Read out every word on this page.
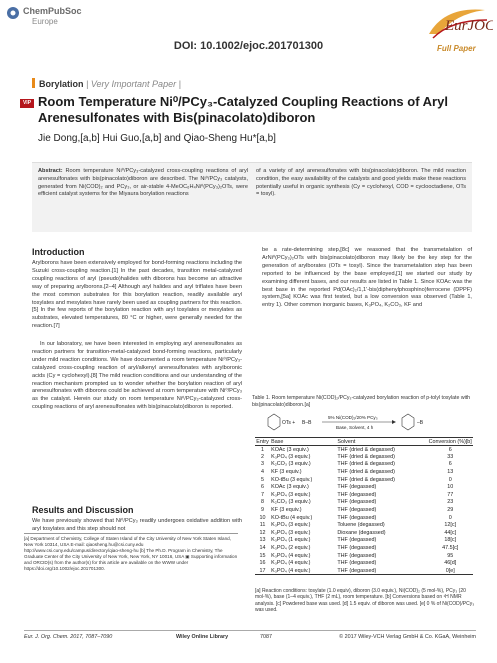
ChemPubSoc
Europe
DOI: 10.1002/ejoc.201701300
EurJOC
Full Paper
Borylation | Very Important Paper |
VIP Room Temperature Ni⁰/PCy₃-Catalyzed Coupling Reactions of Aryl Arenesulfonates with Bis(pinacolato)diboron
Jie Dong,[a,b] Hui Guo,[a,b] and Qiao-Sheng Hu*[a,b]
Abstract: Room temperature Ni⁰/PCy₃-catalyzed cross-coupling reactions of aryl arenesulfonates with bis(pinacolato)diboron are described. The Ni⁰/PCy₃ catalysts, generated from Ni(COD)₂ and PCy₃, or air-stable 4-MeOC₆H₄Ni⁰(PCy₃)₂OTs, were efficient catalyst systems for the Miyaura borylation reactions
of a variety of aryl arenesulfonates with bis(pinacolato)diboron. The mild reaction condition, the easy availability of the catalysts and good yields make these reactions potentially useful in organic synthesis (Cy = cyclohexyl, COD = cyclooctadiene, OTs = tosyl).
Introduction

Arylborons have been extensively employed for bond-forming reactions including the Suzuki cross-coupling reaction.[1] In the past decades, transition metal-catalyzed coupling reactions of aryl (pseudo)halides with diborons has become an attractive way of preparing arylborons.[2–4] Although aryl halides and aryl triflates have been the most common substrates for this borylation reaction, readily available aryl tosylates and mesylates have rarely been used as coupling partners for this reaction.[5] In the few reports of the borylation reaction with aryl tosylates or mesylates as substrates, elevated temperatures, 80 °C or higher, were generally needed for the reaction.[7]

In our laboratory, we have been interested in employing aryl arenesulfonates as reaction partners for transition-metal-catalyzed bond-forming reactions, particularly under mild reaction conditions. We have documented a room temperature Ni⁰/PCy₃-catalyzed cross-coupling reaction of aryl/alkenyl arenesulfonates with arylboronic acids (Cy = cyclohexyl).[8] The mild reaction conditions and our understanding of the reaction mechanism prompted us to wonder whether the borylation reaction of aryl arenesulfonates with diborons could be achieved at room temperature with Ni⁰/PCy₃ as the catalyst. Herein our study on room temperature Ni⁰/PCy₃-catalyzed cross-coupling reactions of aryl arenesulfonates with bis(pinacolato)diboron is reported.

Results and Discussion

We have previously showed that Ni⁰/PCy₃ readily undergoes oxidative addition with aryl tosylates and this step should not

be a rate-determining step,[8c] we reasoned that the transmetalation of ArNi⁰(PCy₃)₂OTs with bis(pinacolato)diboron may likely be the key step for the generation of arylborates (OTs = tosyl). Since the transmetalation step has been reported to be influenced by the base employed,[1] we started our study by examining different bases, and our results are listed in Table 1. Since KOAc was the best base in the reported Pd(OAc)₂/1,1'-bis(diphenylphosphino)ferrocene (DPPF) system,[5a] KOAc was first tested, but a low conversion was observed (Table 1, entry 1). Other common inorganic bases, K₃PO₄, K₂CO₃, KF and

Table 1. Room temperature Ni(COD)₂/PCy₃-catalyzed borylation reaction of p-tolyl tosylate with bis(pinacolato)diboron.[a]
OTs + B–B
5% Ni(COD)₂/20% PCy₃
Base, Solvent, 4 h
–B
Entry	Base	Solvent	Conversion (%)[b]
1	KOAc (3 equiv.)	THF (dried & degassed)	6
2	K₃PO₄ (3 equiv.)	THF (dried & degassed)	33
3	K₂CO₃ (3 equiv.)	THF (dried & degassed)	6
4	KF (3 equiv.)	THF (dried & degassed)	13
5	KO-tBu (3 equiv.)	THF (dried & degassed)	0
6	KOAc (3 equiv.)	THF (degassed)	10
7	K₃PO₄ (3 equiv.)	THF (degassed)	77
8	K₂CO₃ (3 equiv.)	THF (degassed)	23
9	KF (3 equiv.)	THF (degassed)	29
10	KO-tBu (4 equiv.)	THF (degassed)	0
11	K₃PO₄ (3 equiv.)	Toluene (degassed)	12[c]
12	K₃PO₄ (3 equiv.)	Dioxane (degassed)	44[c]
13	K₃PO₄ (1 equiv.)	THF (degassed)	18[c]
14	K₃PO₄ (2 equiv.)	THF (degassed)	47.5[c]
15	K₃PO₄ (4 equiv.)	THF (degassed)	95
16	K₃PO₄ (4 equiv.)	THF (degassed)	46[d]
17	K₃PO₄ (4 equiv.)	THF (degassed)	0[e]
[a] Reaction conditions: tosylate (1.0 equiv), diboron (3.0 equiv.), Ni(COD)₂ (5 mol-%), PCy₃ (20 mol-%), base (1–4 equiv.), THF (2 mL), room temperature. [b] Conversions based on ¹H NMR analysis. [c] Powdered base was used. [d] 1.5 equiv. of diboron was used. [e] 0 % of Ni(COD)/PCy₃ was used.
[a] Department of Chemistry, College of Staten Island of the City University of New York Staten Island, New York 10314, USA E-mail: qiaosheng.hu@csi.cuny.edu http://www.csi.cuny.edu/campus/directory/qiao-sheng-hu [b] The Ph.D. Program in Chemistry, The Graduate Center of the City University of New York, New York, NY 10016, USA ▣ Supporting information and ORCID(s) from the author(s) for this article are available on the WWW under https://doi.org/10.1002/ejoc.201701300.
Eur. J. Org. Chem. 2017, 7087–7090	Wiley Online Library	7087	© 2017 Wiley-VCH Verlag GmbH & Co. KGaA, Weinheim
